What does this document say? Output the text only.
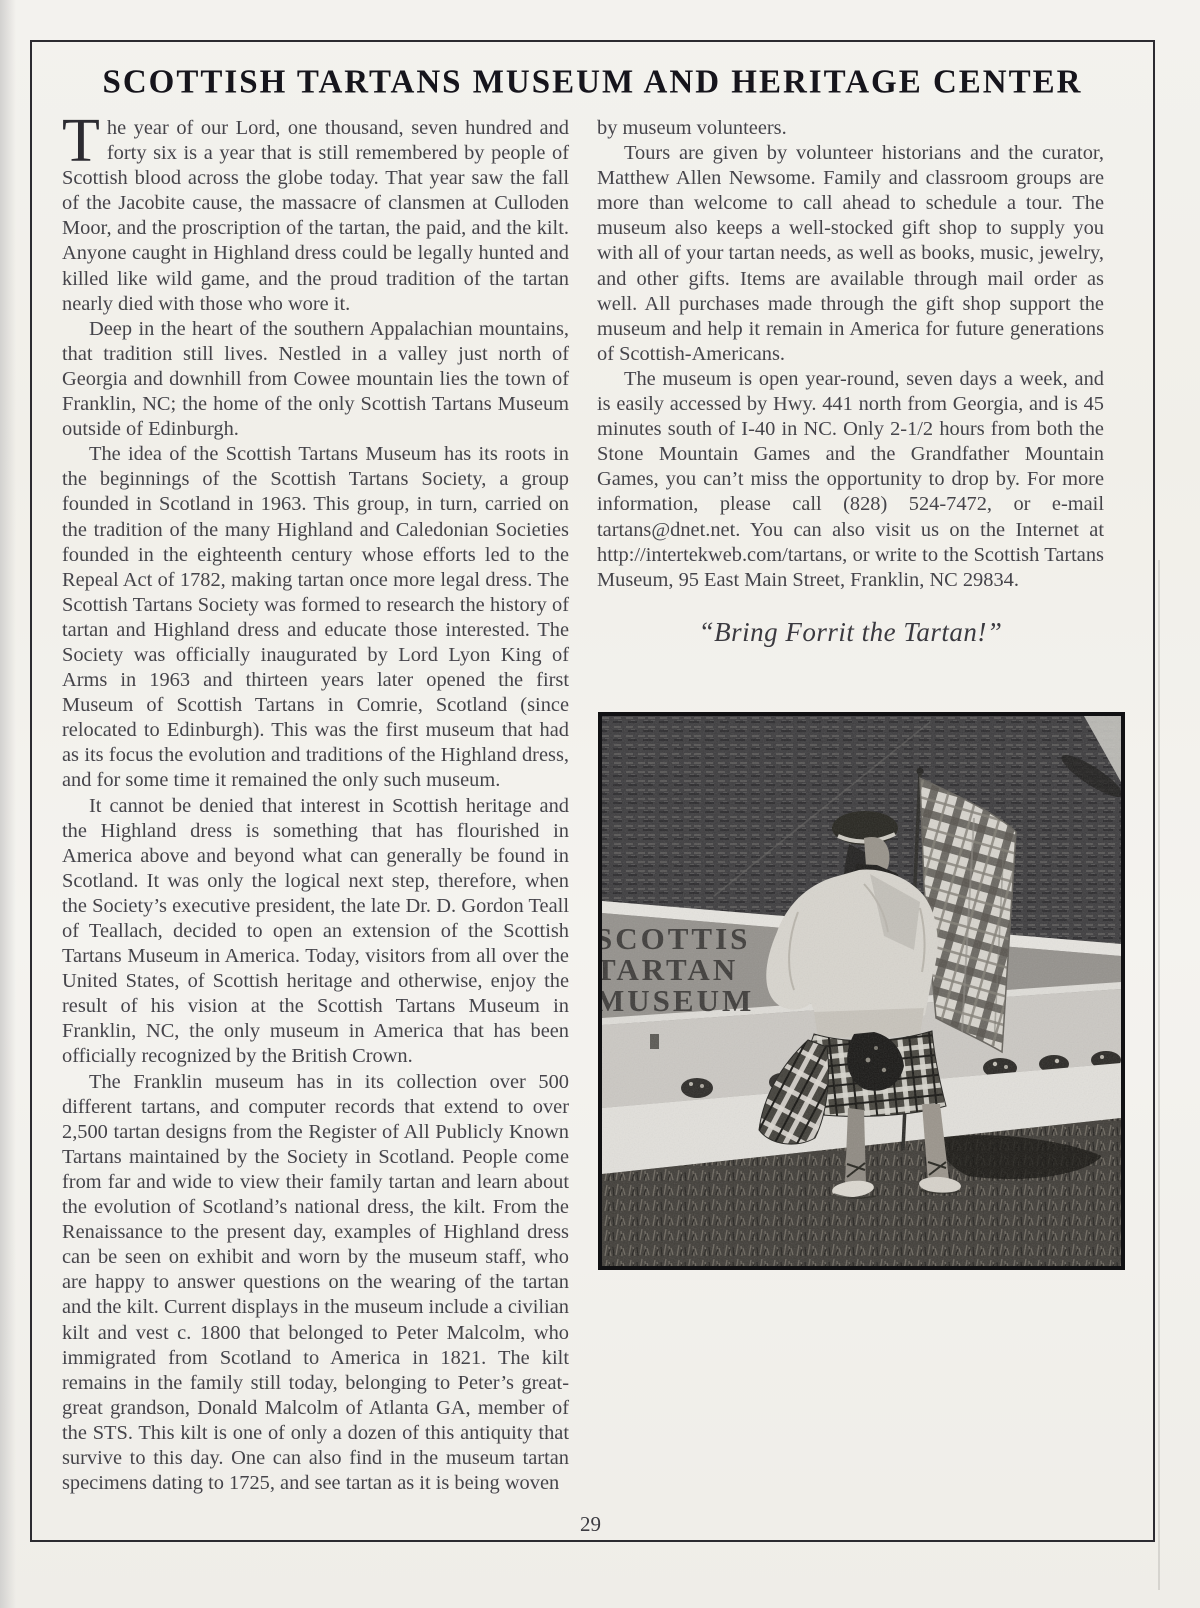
SCOTTISH TARTANS MUSEUM AND HERITAGE CENTER

The year of our Lord, one thousand, seven hundred and forty six is a year that is still remembered by people of Scottish blood across the globe today. That year saw the fall of the Jacobite cause, the massacre of clansmen at Culloden Moor, and the proscription of the tartan, the paid, and the kilt. Anyone caught in Highland dress could be legally hunted and killed like wild game, and the proud tradition of the tartan nearly died with those who wore it.

Deep in the heart of the southern Appalachian mountains, that tradition still lives. Nestled in a valley just north of Georgia and downhill from Cowee mountain lies the town of Franklin, NC; the home of the only Scottish Tartans Museum outside of Edinburgh.

The idea of the Scottish Tartans Museum has its roots in the beginnings of the Scottish Tartans Society, a group founded in Scotland in 1963. This group, in turn, carried on the tradition of the many Highland and Caledonian Societies founded in the eighteenth century whose efforts led to the Repeal Act of 1782, making tartan once more legal dress. The Scottish Tartans Society was formed to research the history of tartan and Highland dress and educate those interested. The Society was officially inaugurated by Lord Lyon King of Arms in 1963 and thirteen years later opened the first Museum of Scottish Tartans in Comrie, Scotland (since relocated to Edinburgh). This was the first museum that had as its focus the evolution and traditions of the Highland dress, and for some time it remained the only such museum.

It cannot be denied that interest in Scottish heritage and the Highland dress is something that has flourished in America above and beyond what can generally be found in Scotland. It was only the logical next step, therefore, when the Society’s executive president, the late Dr. D. Gordon Teall of Teallach, decided to open an extension of the Scottish Tartans Museum in America. Today, visitors from all over the United States, of Scottish heritage and otherwise, enjoy the result of his vision at the Scottish Tartans Museum in Franklin, NC, the only museum in America that has been officially recognized by the British Crown.

The Franklin museum has in its collection over 500 different tartans, and computer records that extend to over 2,500 tartan designs from the Register of All Publicly Known Tartans maintained by the Society in Scotland. People come from far and wide to view their family tartan and learn about the evolution of Scotland’s national dress, the kilt. From the Renaissance to the present day, examples of Highland dress can be seen on exhibit and worn by the museum staff, who are happy to answer questions on the wearing of the tartan and the kilt. Current displays in the museum include a civilian kilt and vest c. 1800 that belonged to Peter Malcolm, who immigrated from Scotland to America in 1821. The kilt remains in the family still today, belonging to Peter’s great-great grandson, Donald Malcolm of Atlanta GA, member of the STS. This kilt is one of only a dozen of this antiquity that survive to this day. One can also find in the museum tartan specimens dating to 1725, and see tartan as it is being woven

by museum volunteers.

Tours are given by volunteer historians and the curator, Matthew Allen Newsome. Family and classroom groups are more than welcome to call ahead to schedule a tour. The museum also keeps a well-stocked gift shop to supply you with all of your tartan needs, as well as books, music, jewelry, and other gifts. Items are available through mail order as well. All purchases made through the gift shop support the museum and help it remain in America for future generations of Scottish-Americans.

The museum is open year-round, seven days a week, and is easily accessed by Hwy. 441 north from Georgia, and is 45 minutes south of I-40 in NC. Only 2-1/2 hours from both the Stone Mountain Games and the Grandfather Mountain Games, you can’t miss the opportunity to drop by. For more information, please call (828) 524-7472, or e-mail tartans@dnet.net. You can also visit us on the Internet at http://intertekweb.com/tartans, or write to the Scottish Tartans Museum, 95 East Main Street, Franklin, NC 29834.

“Bring Forrit the Tartan!”
29
